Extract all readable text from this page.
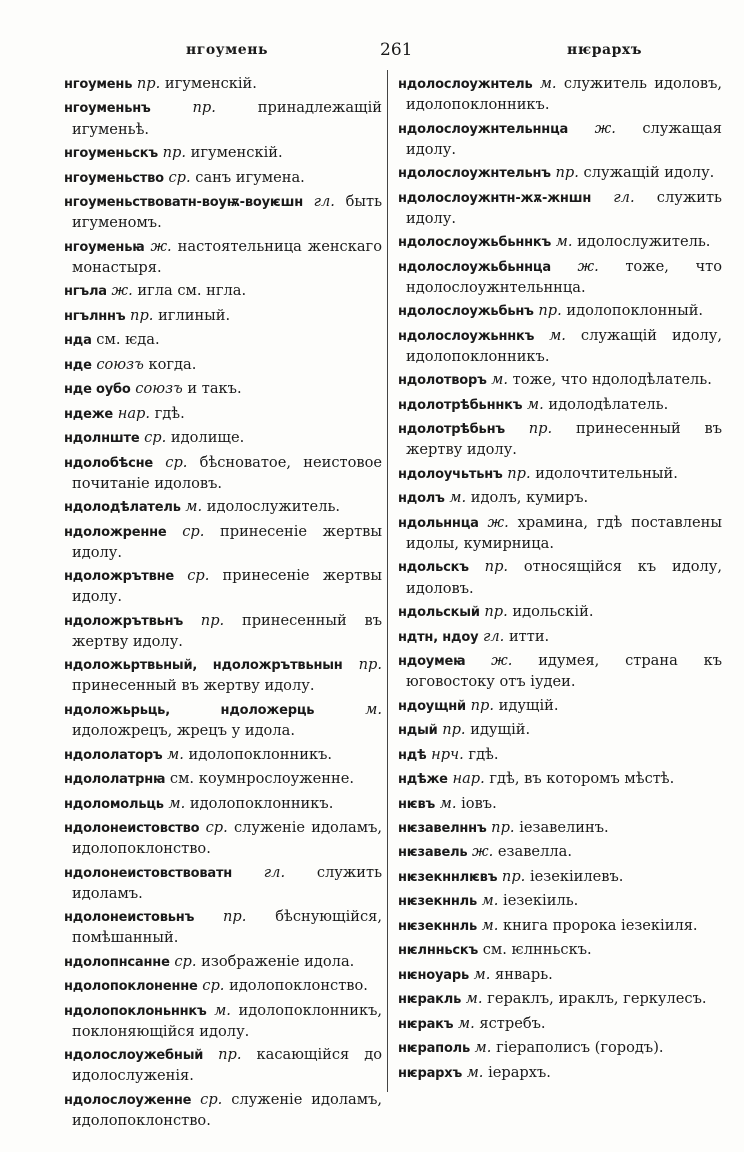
нгоумень	261	нѥрархъ

нгоумень пр. игуменскій.

нгоуменьнъ	пр.	принадлежащій игуменьѣ.

нгоуменьскъ пр. игуменскій.

нгоуменьство ср. санъ игумена.

нгоуменьствоватн-воуѭ-воуѥшн гл. быть игуменомъ.

нгоуменьꙗ ж. настоятельница женскаго монастыря.

нгъла ж. игла см. нгла.

нгълннъ пр. иглиный.

нда см. ѥда.

нде союзъ когда.

нде оубо союзъ и такъ.

ндеже нар. гдѣ.

ндолнште ср. идолище.

ндолобѣсне ср. бѣсноватое, неистовое почитаніе идоловъ.

ндолодѣлатель м. идолослужитель.

ндоложренне ср. принесеніе жертвы идолу.

ндоложрътвне ср. принесеніе жертвы идолу.

ндоложрътвьнъ пр. принесенный въ жертву идолу.

ндоложьртвьный, ндоложрътвьнын пр. принесенный въ жертву идолу.

ндоложьрьць, ндоложерць	м. идоложрецъ, жрецъ у идола.

ндололаторъ м. идолопоклонникъ.

ндололатрнꙗ см. коумнрослоуженне.

ндоломольць м. идолопоклонникъ.

ндолонеистовство ср. служеніе идоламъ, идолопоклонство.

ндолонеистовствоватн гл. служить идоламъ.

ндолонеистовьнъ пр. бѣснующійся, помѣшанный.

ндолопнсанне ср. изображеніе идола.

ндолопоклоненне ср. идолопоклонство.

ндолопоклоньннкъ м. идолопоклонникъ, поклоняющійся идолу.

ндолослоужебный пр. касающійся до идолослуженія.

ндолослоуженне ср. служеніе идоламъ, идолопоклонство.

ндолослоужнтель м. служитель идоловъ, идолопоклонникъ.

ндолослоужнтельннца ж. служащая идолу.

ндолослоужнтельнъ пр. служащій идолу.

ндолослоужнтн-жѫ-жншн гл. служить идолу.

ндолослоужьбьннкъ м. идолослужитель.

ндолослоужьбьннца ж. тоже, что ндолослоужнтельннца.

ндолослоужьбьнъ пр. идолопоклонный.

ндолослоужьннкъ м. служащій идолу, идолопоклонникъ.

ндолотворъ м. тоже, что ндолодѣлатель.

ндолотрѣбьннкъ м. идолодѣлатель.

ндолотрѣбьнъ пр. принесенный въ жертву идолу.

ндолоучьтьнъ пр. идолочтительный.

ндолъ м. идолъ, кумиръ.

ндольннца ж. храмина, гдѣ поставлены идолы, кумирница.

ндольскъ пр. относящійся къ идолу, идоловъ.

ндольскый пр. идольскій.

ндтн, ндоу гл. итти.

ндоумеꙗ ж. идумея, страна къ юговостоку отъ іудеи.

ндоущнй пр. идущій.

ндый пр. идущій.

ндѣ нрч. гдѣ.

ндѣже нар. гдѣ, въ которомъ мѣстѣ.

нѥвъ м. іовъ.

нѥзавелннъ пр. іезавелинъ.

нѥзавель ж. езавелла.

нѥзекннлѥвъ пр. іезекіилевъ.

нѥзекннль м. іезекіиль.

нѥзекннль м. книга пророка іезекіиля.

нѥлнньскъ см. ѥлнньскъ.

нѥноуарь м. январь.

нѥракль м. гераклъ, ираклъ, геркулесъ.

нѥракъ м. ястребъ.

нѥраполь м. гіераполисъ (городъ).

нѥрархъ м. іерархъ.
